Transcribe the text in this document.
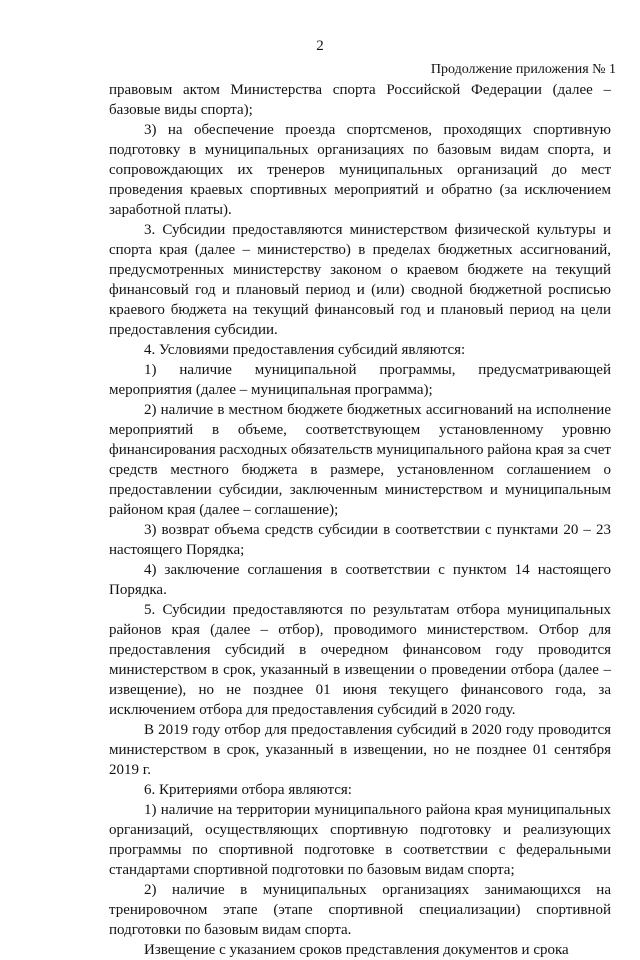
2
Продолжение приложения № 1

правовым актом Министерства спорта Российской Федерации (далее – базовые виды спорта);

3) на обеспечение проезда спортсменов, проходящих спортивную подготовку в муниципальных организациях по базовым видам спорта, и сопровождающих их тренеров муниципальных организаций до мест проведения краевых спортивных мероприятий и обратно (за исключением заработной платы).

3. Субсидии предоставляются министерством физической культуры и спорта края (далее – министерство) в пределах бюджетных ассигнований, предусмотренных министерству законом о краевом бюджете на текущий финансовый год и плановый период и (или) сводной бюджетной росписью краевого бюджета на текущий финансовый год и плановый период на цели предоставления субсидии.

4. Условиями предоставления субсидий являются:

1) наличие муниципальной программы, предусматривающей мероприятия (далее – муниципальная программа);

2) наличие в местном бюджете бюджетных ассигнований на исполнение мероприятий в объеме, соответствующем установленному уровню финансирования расходных обязательств муниципального района края за счет средств местного бюджета в размере, установленном соглашением о предоставлении субсидии, заключенным министерством и муниципальным районом края (далее – соглашение);

3) возврат объема средств субсидии в соответствии с пунктами 20 – 23 настоящего Порядка;

4) заключение соглашения в соответствии с пунктом 14 настоящего Порядка.

5. Субсидии предоставляются по результатам отбора муниципальных районов края (далее – отбор), проводимого министерством. Отбор для предоставления субсидий в очередном финансовом году проводится министерством в срок, указанный в извещении о проведении отбора (далее – извещение), но не позднее 01 июня текущего финансового года, за исключением отбора для предоставления субсидий в 2020 году.

В 2019 году отбор для предоставления субсидий в 2020 году проводится министерством в срок, указанный в извещении, но не позднее 01 сентября 2019 г.

6. Критериями отбора являются:

1) наличие на территории муниципального района края муниципальных организаций, осуществляющих спортивную подготовку и реализующих программы по спортивной подготовке в соответствии с федеральными стандартами спортивной подготовки по базовым видам спорта;

2) наличие в муниципальных организациях занимающихся на тренировочном этапе (этапе спортивной специализации) спортивной подготовки по базовым видам спорта.

Извещение с указанием сроков представления документов и срока
